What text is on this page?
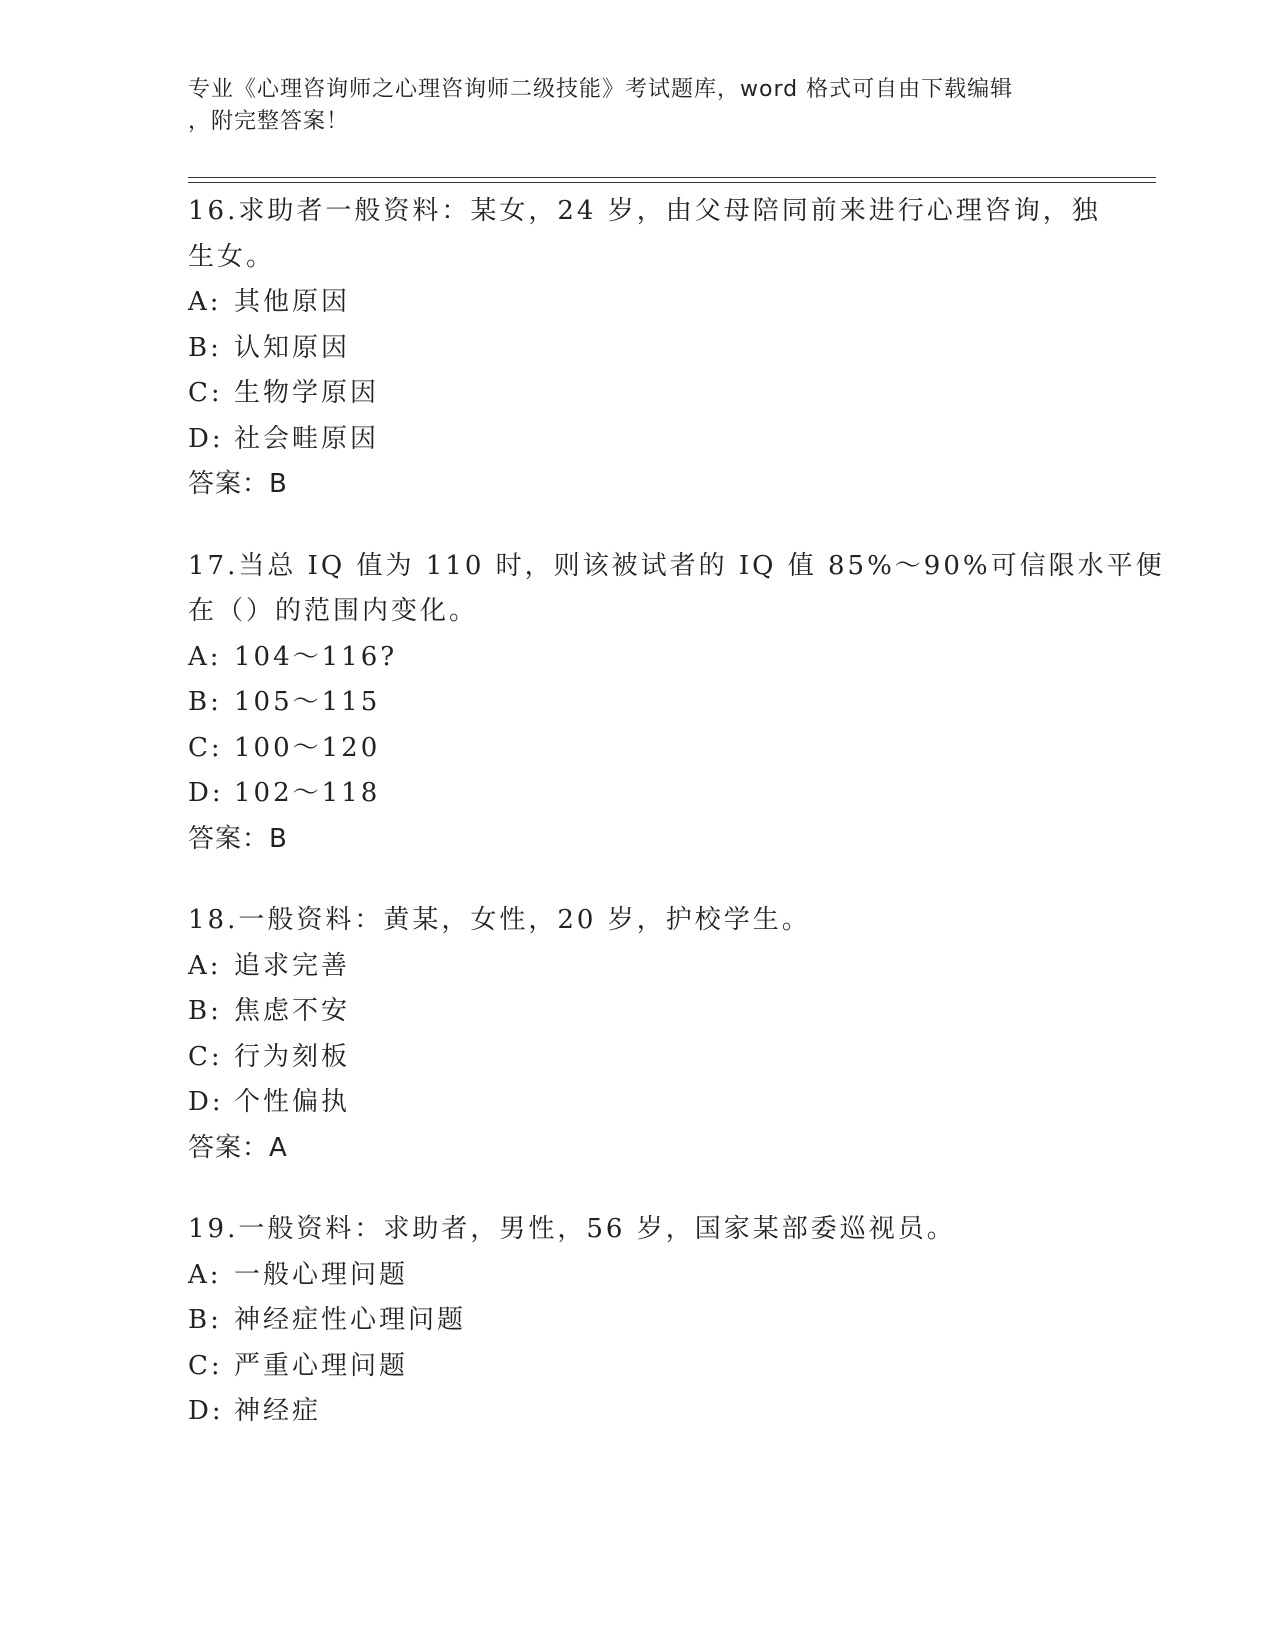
专业《心理咨询师之心理咨询师二级技能》考试题库，word 格式可自由下载编辑
，附完整答案！
16.求助者一般资料：某女，24 岁，由父母陪同前来进行心理咨询，独
生女。
A: 其他原因
B: 认知原因
C: 生物学原因
D: 社会畦原因
答案：B
17.当总 IQ 值为 110 时，则该被试者的 IQ 值 85%～90%可信限水平便
在（）的范围内变化。
A: 104～116?
B: 105～115
C: 100～120
D: 102～118
答案：B
18.一般资料：黄某，女性，20 岁，护校学生。
A: 追求完善
B: 焦虑不安
C: 行为刻板
D: 个性偏执
答案：A
19.一般资料：求助者，男性，56 岁，国家某部委巡视员。
A: 一般心理问题
B: 神经症性心理问题
C: 严重心理问题
D: 神经症
